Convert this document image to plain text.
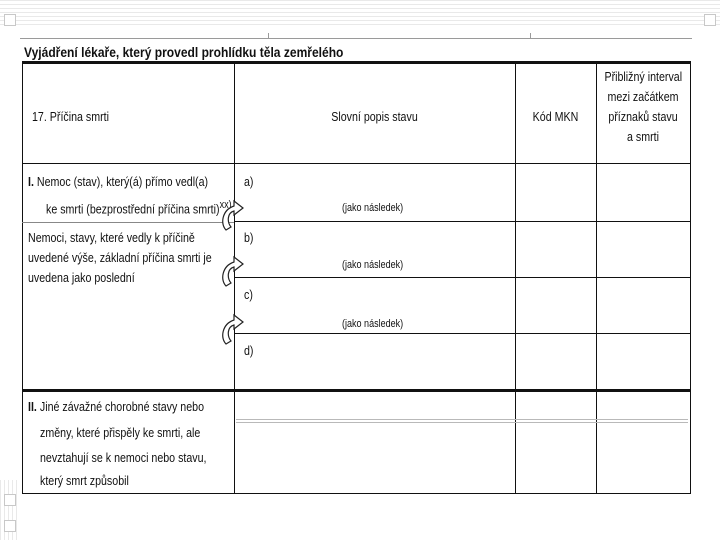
Vyjádření lékaře, který provedl prohlídku těla zemřelého
17. Příčina smrti	Slovní popis stavu	Kód MKN
Přibližný interval
mezi začátkem
příznaků stavu
a smrti
I. Nemoc (stav), který(á) přímo vedl(a)
ke smrti (bezprostřední příčina smrti)$^{xx)}$
Nemoci, stavy, které vedly k příčině
uvedené výše, základní příčina smrti je
uvedena jako poslední
a)
(jako následek)
b)
(jako následek)
c)
(jako následek)
d)
II. Jiné závažné chorobné stavy nebo
změny, které přispěly ke smrti, ale
nevztahují se k nemoci nebo stavu,
který smrt způsobil
